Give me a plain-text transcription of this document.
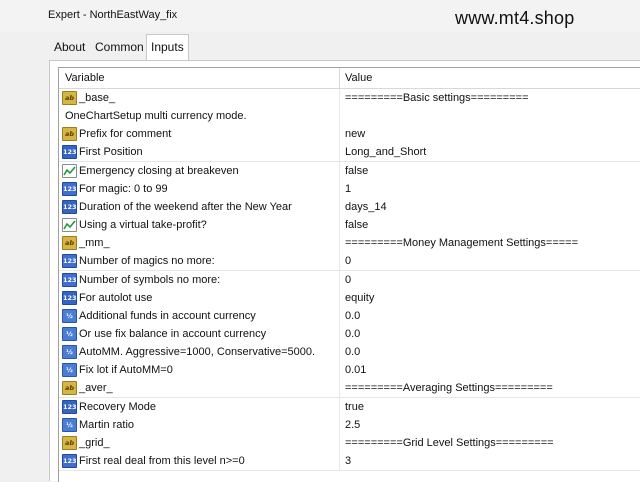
Expert - NorthEastWay_fix	www.mt4.shop
About Common Inputs
Variable	Value
ab _base_	=========Basic settings=========
OneChartSetup multi currency mode.
ab Prefix for comment	new
123 First Position	Long_and_Short
Emergency closing at breakeven	false
123 For magic: 0 to 99	1
123 Duration of the weekend after the New Year	days_14
Using a virtual take-profit?	false
ab _mm_	=========Money Management Settings=====
123 Number of magics no more:	0
123 Number of symbols no more:	0
123 For autolot use	equity
½ Additional funds in account currency	0.0
½ Or use fix balance in account currency	0.0
½ AutoMM. Aggressive=1000, Conservative=5000.	0.0
½ Fix lot if AutoMM=0	0.01
ab _aver_	=========Averaging Settings=========
123 Recovery Mode	true
½ Martin ratio	2.5
ab _grid_	=========Grid Level Settings=========
123 First real deal from this level n>=0	3
